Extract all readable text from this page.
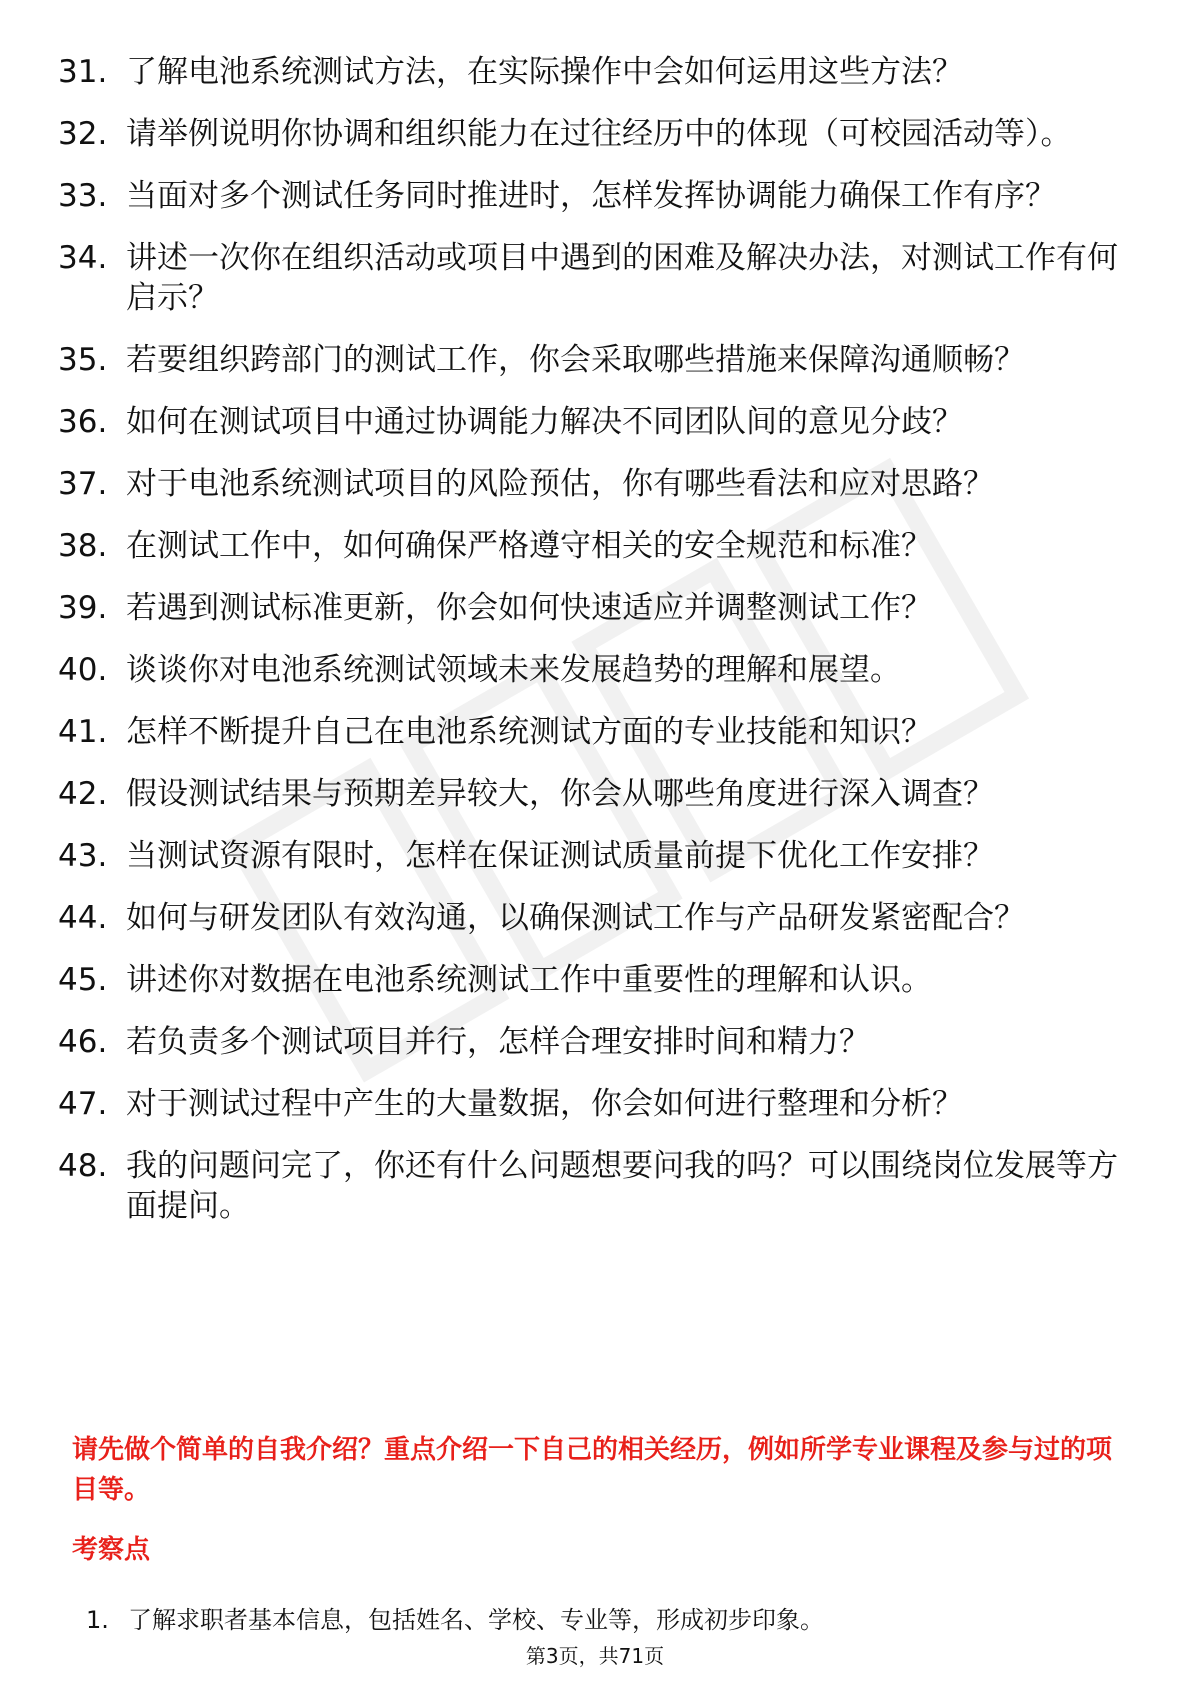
31. 了解电池系统测试方法，在实际操作中会如何运用这些方法？
32. 请举例说明你协调和组织能力在过往经历中的体现（可校园活动等）。
33. 当面对多个测试任务同时推进时，怎样发挥协调能力确保工作有序？
34. 讲述一次你在组织活动或项目中遇到的困难及解决办法，对测试工作有何启示？
35. 若要组织跨部门的测试工作，你会采取哪些措施来保障沟通顺畅？
36. 如何在测试项目中通过协调能力解决不同团队间的意见分歧？
37. 对于电池系统测试项目的风险预估，你有哪些看法和应对思路？
38. 在测试工作中，如何确保严格遵守相关的安全规范和标准？
39. 若遇到测试标准更新，你会如何快速适应并调整测试工作？
40. 谈谈你对电池系统测试领域未来发展趋势的理解和展望。
41. 怎样不断提升自己在电池系统测试方面的专业技能和知识？
42. 假设测试结果与预期差异较大，你会从哪些角度进行深入调查？
43. 当测试资源有限时，怎样在保证测试质量前提下优化工作安排？
44. 如何与研发团队有效沟通，以确保测试工作与产品研发紧密配合？
45. 讲述你对数据在电池系统测试工作中重要性的理解和认识。
46. 若负责多个测试项目并行，怎样合理安排时间和精力？
47. 对于测试过程中产生的大量数据，你会如何进行整理和分析？
48. 我的问题问完了，你还有什么问题想要问我的吗？可以围绕岗位发展等方面提问。
请先做个简单的自我介绍？重点介绍一下自己的相关经历，例如所学专业课程及参与过的项目等。
考察点
1. 了解求职者基本信息，包括姓名、学校、专业等，形成初步印象。
第3页，共71页
